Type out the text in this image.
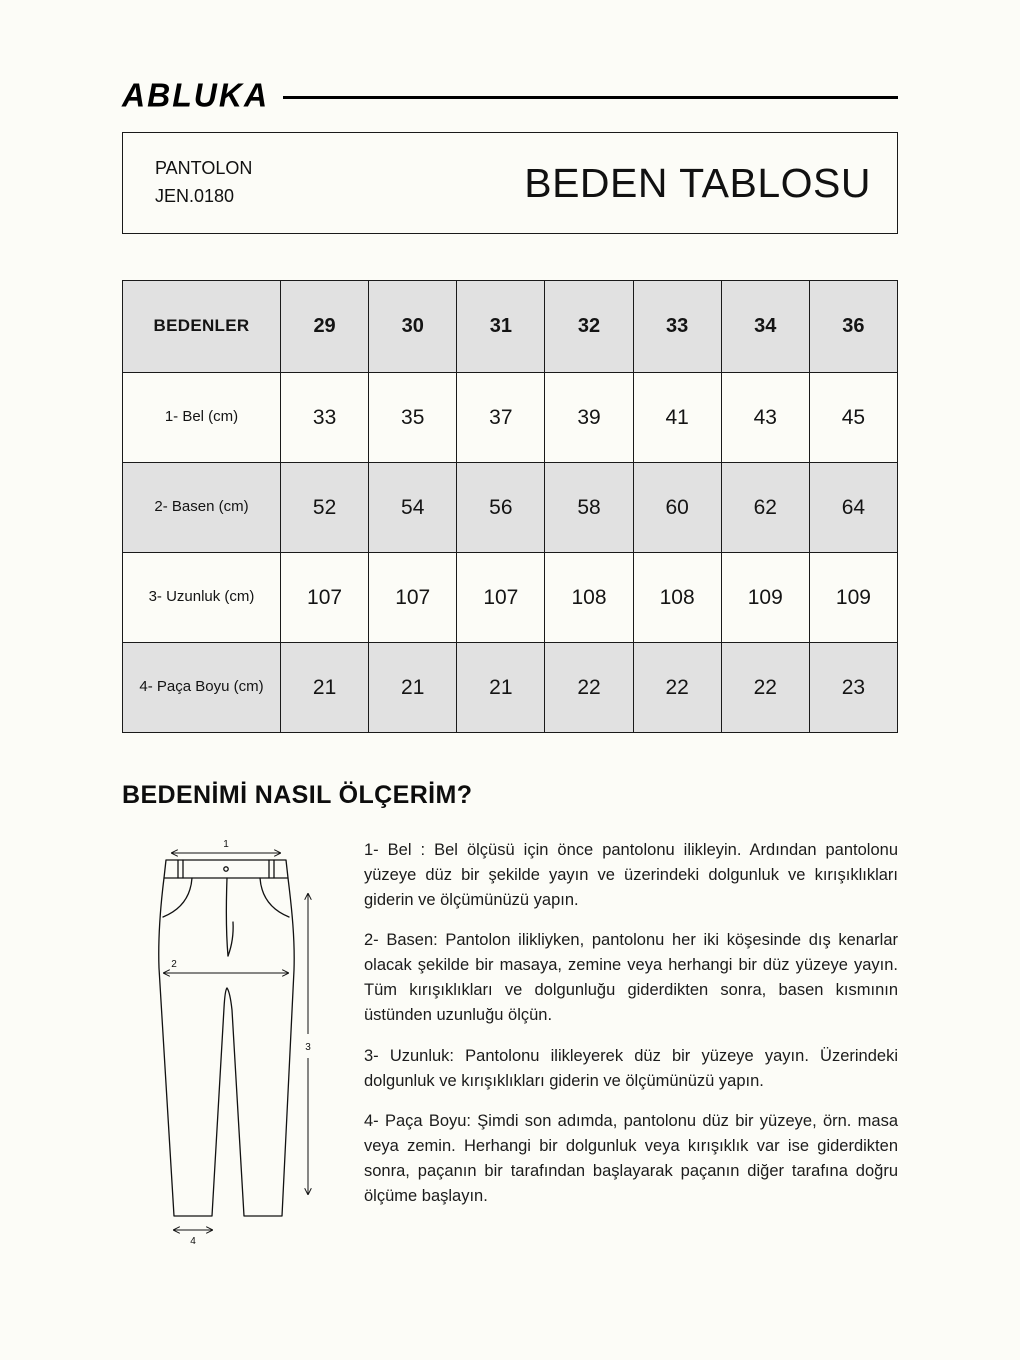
ABLUKA
PANTOLON
JEN.0180	BEDEN TABLOSU
BEDENLER	29	30	31	32	33	34	36
1- Bel (cm)	33	35	37	39	41	43	45
2- Basen (cm)	52	54	56	58	60	62	64
3- Uzunluk (cm)	107	107	107	108	108	109	109
4- Paça Boyu (cm)	21	21	21	22	22	22	23
BEDENİMİ NASIL ÖLÇERİM?
1
2
3
4

1- Bel : Bel ölçüsü için önce pantolonu ilikleyin. Ardından pantolonu yüzeye düz bir şekilde yayın ve üzerindeki dolgunluk ve kırışıklıkları giderin ve ölçümünüzü yapın.

2- Basen: Pantolon ilikliyken, pantolonu her iki köşesinde dış kenarlar olacak şekilde bir masaya, zemine veya herhangi bir düz yüzeye yayın. Tüm kırışıklıkları ve dolgunluğu giderdikten sonra, basen kısmının üstünden uzunluğu ölçün.

3- Uzunluk: Pantolonu ilikleyerek düz bir yüzeye yayın. Üzerindeki dolgunluk ve kırışıklıkları giderin ve ölçümünüzü yapın.

4- Paça Boyu: Şimdi son adımda, pantolonu düz bir yüzeye, örn. masa veya zemin. Herhangi bir dolgunluk veya kırışıklık var ise giderdikten sonra, paçanın bir tarafından başlayarak paçanın diğer tarafına doğru ölçüme başlayın.
